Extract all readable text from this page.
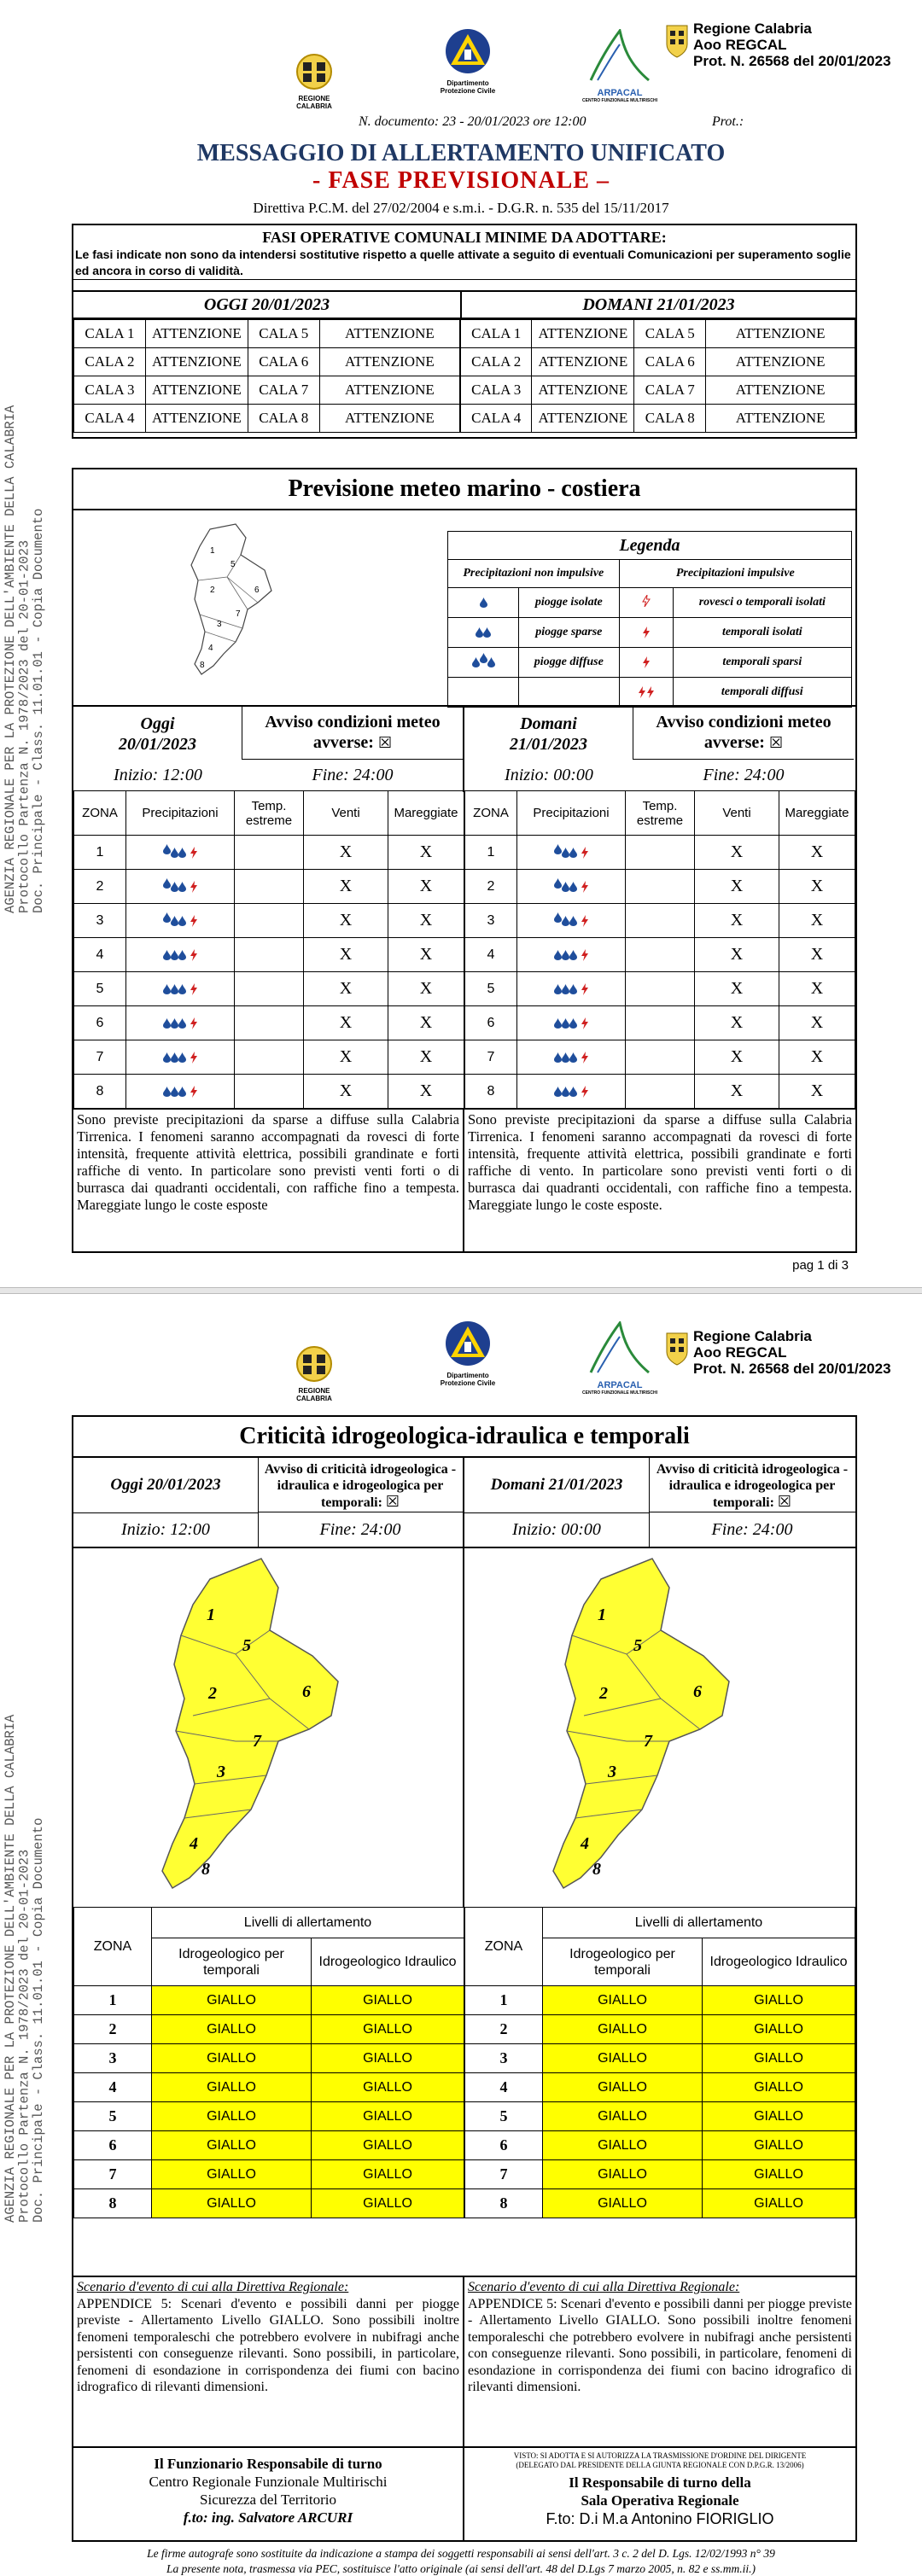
REGIONE CALABRIA
Dipartimento
Protezione Civile	ARPACAL
CENTRO FUNZIONALE MULTIRISCHI
Regione Calabria
Aoo REGCAL
Prot. N. 26568 del 20/01/2023
AGENZIA REGIONALE PER LA PROTEZIONE DELL'AMBIENTE DELLA CALABRIA
Protocollo Partenza N. 1978/2023 del 20-01-2023
Doc. Principale - Class. 11.01.01 - Copia Documento
N. documento: 23 - 20/01/2023 ore 12:00	Prot.:
MESSAGGIO DI ALLERTAMENTO UNIFICATO
- FASE PREVISIONALE –
Direttiva P.C.M. del 27/02/2004 e s.m.i. - D.G.R. n. 535 del 15/11/2017
FASI OPERATIVE COMUNALI MINIME DA ADOTTARE:
Le fasi indicate non sono da intendersi sostitutive rispetto a quelle attivate a seguito di eventuali Comunicazioni per superamento soglie ed ancora in corso di validità.
OGGI 20/01/2023	DOMANI 21/01/2023
CALA 1	ATTENZIONE	CALA 5	ATTENZIONE	CALA 1	ATTENZIONE	CALA 5	ATTENZIONE
CALA 2	ATTENZIONE	CALA 6	ATTENZIONE	CALA 2	ATTENZIONE	CALA 6	ATTENZIONE
CALA 3	ATTENZIONE	CALA 7	ATTENZIONE	CALA 3	ATTENZIONE	CALA 7	ATTENZIONE
CALA 4	ATTENZIONE	CALA 8	ATTENZIONE	CALA 4	ATTENZIONE	CALA 8	ATTENZIONE
Previsione meteo marino - costiera
1
5
6
2
3
7
4
8
Legenda			
Precipitazioni non impulsive		Precipitazioni impulsive	
	piogge isolate		rovesci o temporali isolati
	piogge sparse		temporali isolati
	piogge diffuse		temporali sparsi
			temporali diffusi
Oggi
20/01/2023
Avviso condizioni meteo avverse: ☒
Inizio: 12:00	Fine: 24:00
Domani
21/01/2023
Avviso condizioni meteo avverse: ☒
Inizio: 00:00	Fine: 24:00
ZONA	Precipitazioni	Temp. estreme	Venti	Mareggiate
1			X	X
2			X	X
3			X	X
4			X	X
5			X	X
6			X	X
7			X	X
8			X	X
ZONA	Precipitazioni	Temp. estreme	Venti	Mareggiate
1			X	X
2			X	X
3			X	X
4			X	X
5			X	X
6			X	X
7			X	X
8			X	X
Sono previste precipitazioni da sparse a diffuse sulla Calabria Tirrenica. I fenomeni saranno accompagnati da rovesci di forte intensità, frequente attività elettrica, possibili grandinate e forti raffiche di vento. In particolare sono previsti venti forti o di burrasca dai quadranti occidentali, con raffiche fino a tempesta. Mareggiate lungo le coste esposte
Sono previste precipitazioni da sparse a diffuse sulla Calabria Tirrenica. I fenomeni saranno accompagnati da rovesci di forte intensità, frequente attività elettrica, possibili grandinate e forti raffiche di vento. In particolare sono previsti venti forti o di burrasca dai quadranti occidentali, con raffiche fino a tempesta. Mareggiate lungo le coste esposte.
pag 1 di 3
REGIONE CALABRIA
Dipartimento
Protezione Civile	ARPACAL
CENTRO FUNZIONALE MULTIRISCHI
Regione Calabria
Aoo REGCAL
Prot. N. 26568 del 20/01/2023
AGENZIA REGIONALE PER LA PROTEZIONE DELL'AMBIENTE DELLA CALABRIA
Protocollo Partenza N. 1978/2023 del 20-01-2023
Doc. Principale - Class. 11.01.01 - Copia Documento
Criticità idrogeologica-idraulica e temporali
Oggi 20/01/2023
Avviso di criticità idrogeologica - idraulica e idrogeologica per temporali: ☒
Inizio: 12:00	Fine: 24:00
Domani 21/01/2023
Avviso di criticità idrogeologica - idraulica e idrogeologica per temporali: ☒
Inizio: 00:00	Fine: 24:00
1
5
2	6
7
3
4
8
1
5
2	6
7
3
4
8
ZONA	Livelli di allertamento	
	Idrogeologico per temporali	Idrogeologico Idraulico
1	GIALLO	GIALLO
2	GIALLO	GIALLO
3	GIALLO	GIALLO
4	GIALLO	GIALLO
5	GIALLO	GIALLO
6	GIALLO	GIALLO
7	GIALLO	GIALLO
8	GIALLO	GIALLO
ZONA	Livelli di allertamento	
	Idrogeologico per temporali	Idrogeologico Idraulico
1	GIALLO	GIALLO
2	GIALLO	GIALLO
3	GIALLO	GIALLO
4	GIALLO	GIALLO
5	GIALLO	GIALLO
6	GIALLO	GIALLO
7	GIALLO	GIALLO
8	GIALLO	GIALLO
Scenario d'evento di cui alla Direttiva Regionale:
APPENDICE 5: Scenari d'evento e possibili danni per piogge previste - Allertamento Livello GIALLO. Sono possibili inoltre fenomeni temporaleschi che potrebbero evolvere in nubifragi anche persistenti con conseguenze rilevanti. Sono possibili, in particolare, fenomeni di esondazione in corrispondenza dei fiumi con bacino idrografico di rilevanti dimensioni.
Scenario d'evento di cui alla Direttiva Regionale:
APPENDICE 5: Scenari d'evento e possibili danni per piogge previste - Allertamento Livello GIALLO. Sono possibili inoltre fenomeni temporaleschi che potrebbero evolvere in nubifragi anche persistenti con conseguenze rilevanti. Sono possibili, in particolare, fenomeni di esondazione in corrispondenza dei fiumi con bacino idrografico di rilevanti dimensioni.
Il Funzionario Responsabile di turno
Centro Regionale Funzionale Multirischi
Sicurezza del Territorio
f.to: ing. Salvatore ARCURI
VISTO: SI ADOTTA E SI AUTORIZZA LA TRASMISSIONE D'ORDINE DEL DIRIGENTE
(DELEGATO DAL PRESIDENTE DELLA GIUNTA REGIONALE CON D.P.G.R. 13/2006)
Il Responsabile di turno della
Sala Operativa Regionale
F.to: D.i M.a Antonino FIORIGLIO
Le firme autografe sono sostituite da indicazione a stampa dei soggetti responsabili ai sensi dell'art. 3 c. 2 del D. Lgs. 12/02/1993 n° 39
La presente nota, trasmessa via PEC, sostituisce l'atto originale (ai sensi dell'art. 48 del D.Lgs 7 marzo 2005, n. 82 e ss.mm.ii.)
